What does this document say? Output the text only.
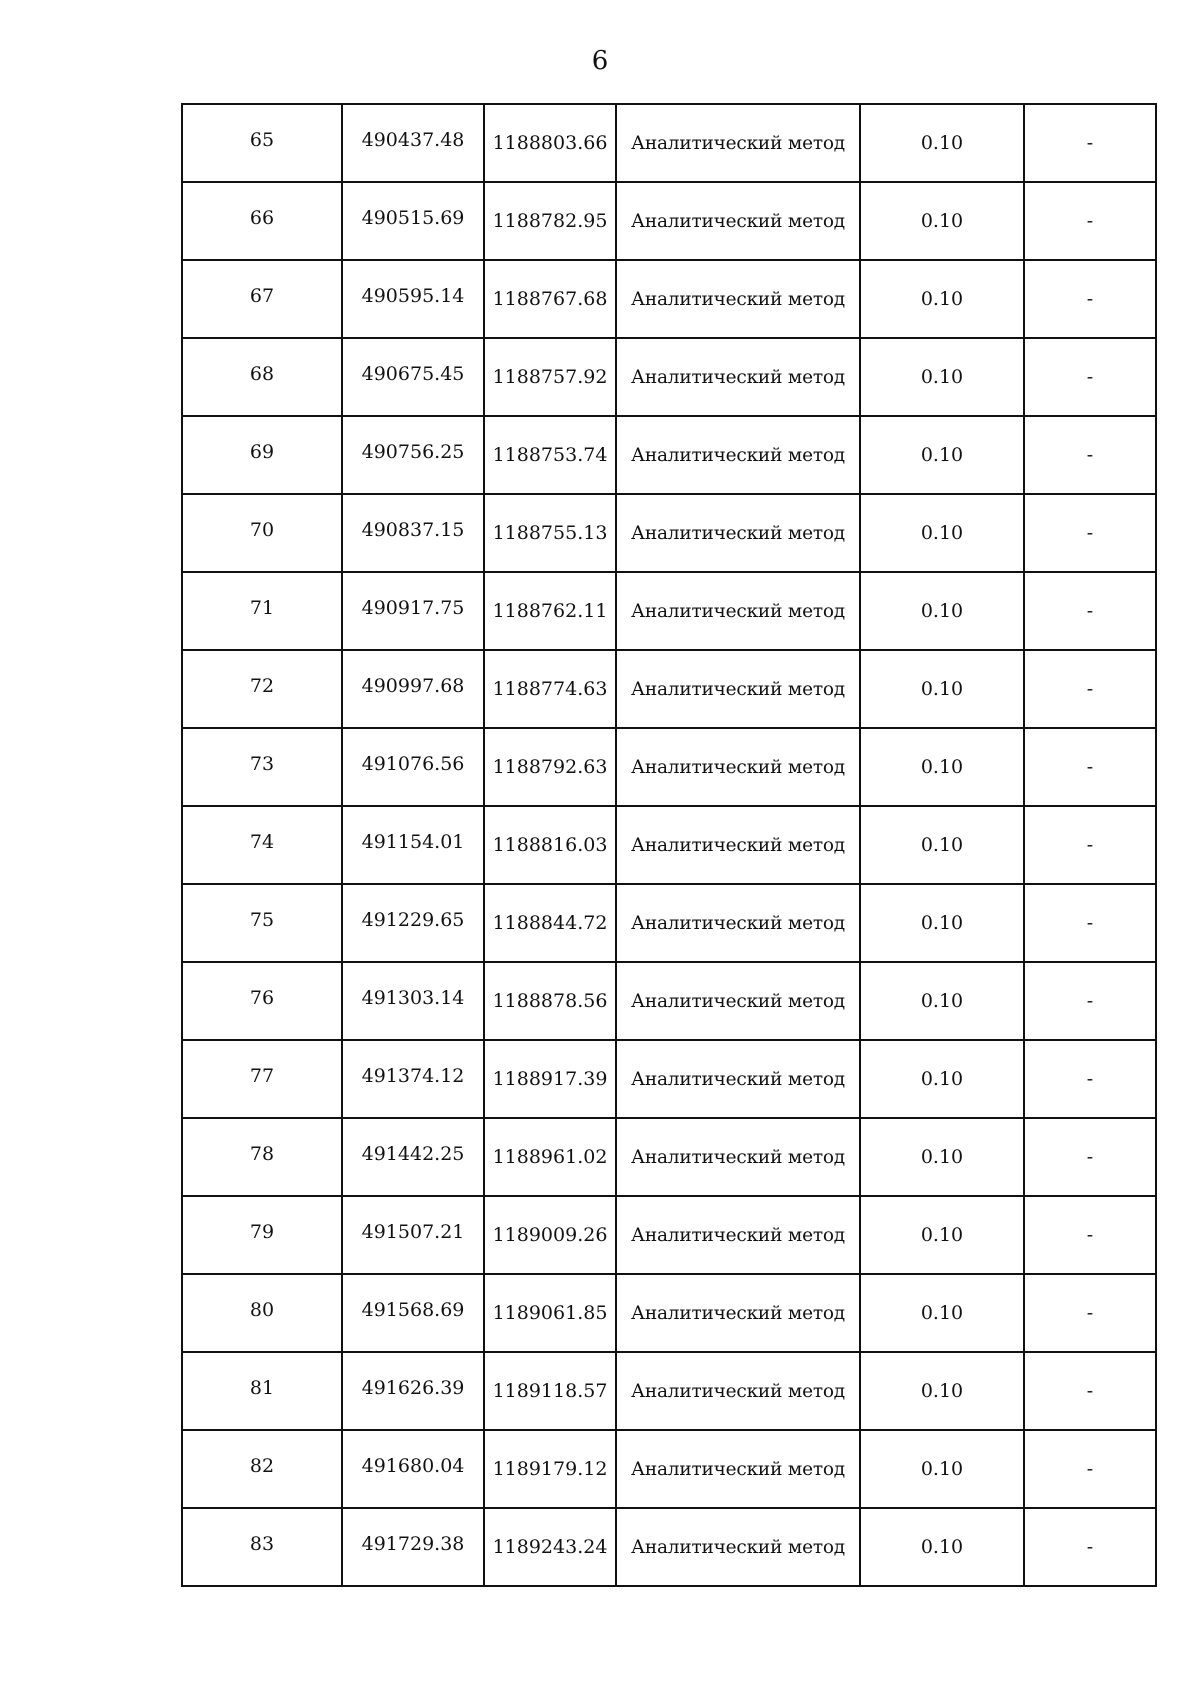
6
65	490437.48	1188803.66	Аналитический метод	0.10	-
66	490515.69	1188782.95	Аналитический метод	0.10	-
67	490595.14	1188767.68	Аналитический метод	0.10	-
68	490675.45	1188757.92	Аналитический метод	0.10	-
69	490756.25	1188753.74	Аналитический метод	0.10	-
70	490837.15	1188755.13	Аналитический метод	0.10	-
71	490917.75	1188762.11	Аналитический метод	0.10	-
72	490997.68	1188774.63	Аналитический метод	0.10	-
73	491076.56	1188792.63	Аналитический метод	0.10	-
74	491154.01	1188816.03	Аналитический метод	0.10	-
75	491229.65	1188844.72	Аналитический метод	0.10	-
76	491303.14	1188878.56	Аналитический метод	0.10	-
77	491374.12	1188917.39	Аналитический метод	0.10	-
78	491442.25	1188961.02	Аналитический метод	0.10	-
79	491507.21	1189009.26	Аналитический метод	0.10	-
80	491568.69	1189061.85	Аналитический метод	0.10	-
81	491626.39	1189118.57	Аналитический метод	0.10	-
82	491680.04	1189179.12	Аналитический метод	0.10	-
83	491729.38	1189243.24	Аналитический метод	0.10	-
